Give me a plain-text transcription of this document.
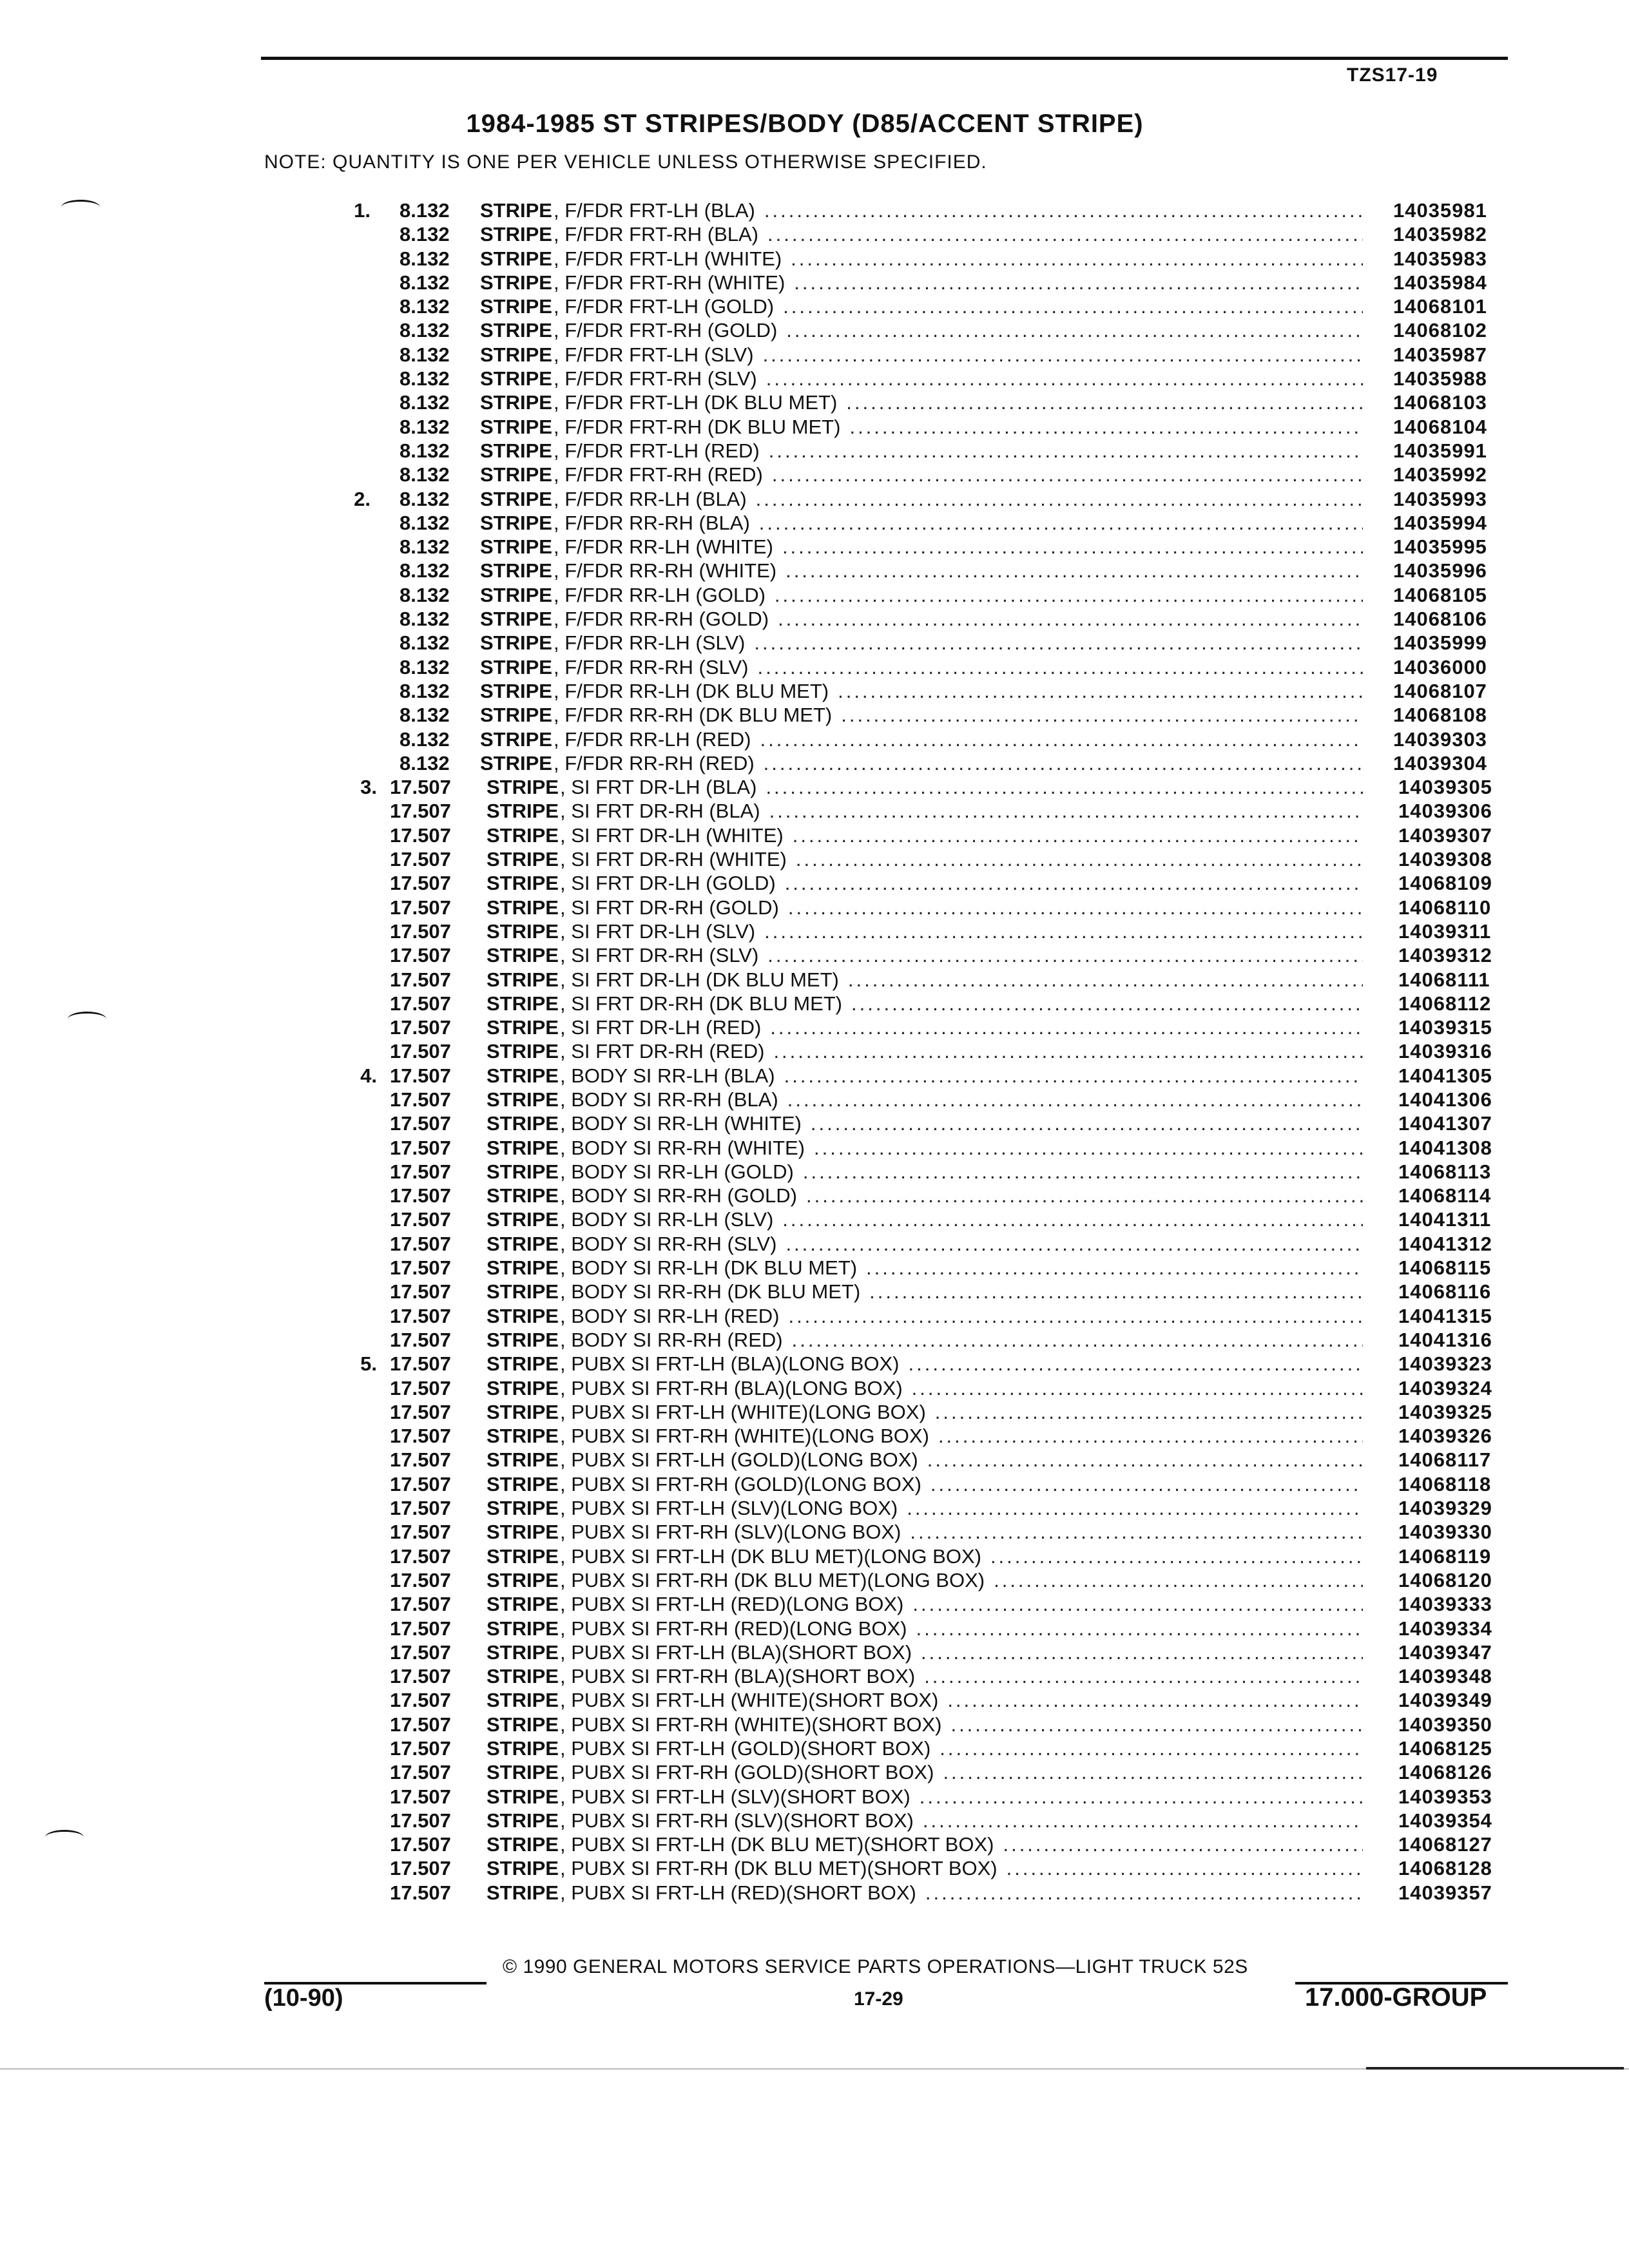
TZS17-19
1984-1985 ST STRIPES/BODY (D85/ACCENT STRIPE)
NOTE: QUANTITY IS ONE PER VEHICLE UNLESS OTHERWISE SPECIFIED.
1. 8.132 STRIPE , F/FDR FRT-LH (BLA) .....	14035981
8.132 STRIPE , F/FDR FRT-RH (BLA) .....	14035982
8.132 STRIPE , F/FDR FRT-LH (WHITE) .....	14035983
8.132 STRIPE , F/FDR FRT-RH (WHITE) .....	14035984
8.132 STRIPE , F/FDR FRT-LH (GOLD) .....	14068101
8.132 STRIPE , F/FDR FRT-RH (GOLD) .....	14068102
8.132 STRIPE , F/FDR FRT-LH (SLV) .....	14035987
8.132 STRIPE , F/FDR FRT-RH (SLV) .....	14035988
8.132 STRIPE , F/FDR FRT-LH (DK BLU MET) .....	14068103
8.132 STRIPE , F/FDR FRT-RH (DK BLU MET) .....	14068104
8.132 STRIPE , F/FDR FRT-LH (RED) .....	14035991
8.132 STRIPE , F/FDR FRT-RH (RED) .....	14035992
2. 8.132 STRIPE , F/FDR RR-LH (BLA) .....	14035993
8.132 STRIPE , F/FDR RR-RH (BLA) .....	14035994
8.132 STRIPE , F/FDR RR-LH (WHITE) .....	14035995
8.132 STRIPE , F/FDR RR-RH (WHITE) .....	14035996
8.132 STRIPE , F/FDR RR-LH (GOLD) .....	14068105
8.132 STRIPE , F/FDR RR-RH (GOLD) .....	14068106
8.132 STRIPE , F/FDR RR-LH (SLV) .....	14035999
8.132 STRIPE , F/FDR RR-RH (SLV) .....	14036000
8.132 STRIPE , F/FDR RR-LH (DK BLU MET) .....	14068107
8.132 STRIPE , F/FDR RR-RH (DK BLU MET) .....	14068108
8.132 STRIPE , F/FDR RR-LH (RED) .....	14039303
8.132 STRIPE , F/FDR RR-RH (RED) .....	14039304
3. 17.507 STRIPE , SI FRT DR-LH (BLA) .....	14039305
17.507 STRIPE , SI FRT DR-RH (BLA) .....	14039306
17.507 STRIPE , SI FRT DR-LH (WHITE) .....	14039307
17.507 STRIPE , SI FRT DR-RH (WHITE) .....	14039308
17.507 STRIPE , SI FRT DR-LH (GOLD) .....	14068109
17.507 STRIPE , SI FRT DR-RH (GOLD) .....	14068110
17.507 STRIPE , SI FRT DR-LH (SLV) .....	14039311
17.507 STRIPE , SI FRT DR-RH (SLV) .....	14039312
17.507 STRIPE , SI FRT DR-LH (DK BLU MET) .....	14068111
17.507 STRIPE , SI FRT DR-RH (DK BLU MET) .....	14068112
17.507 STRIPE , SI FRT DR-LH (RED) .....	14039315
17.507 STRIPE , SI FRT DR-RH (RED) .....	14039316
4. 17.507 STRIPE , BODY SI RR-LH (BLA) .....	14041305
17.507 STRIPE , BODY SI RR-RH (BLA) .....	14041306
17.507 STRIPE , BODY SI RR-LH (WHITE) .....	14041307
17.507 STRIPE , BODY SI RR-RH (WHITE) .....	14041308
17.507 STRIPE , BODY SI RR-LH (GOLD) .....	14068113
17.507 STRIPE , BODY SI RR-RH (GOLD) .....	14068114
17.507 STRIPE , BODY SI RR-LH (SLV) .....	14041311
17.507 STRIPE , BODY SI RR-RH (SLV) .....	14041312
17.507 STRIPE , BODY SI RR-LH (DK BLU MET) .....	14068115
17.507 STRIPE , BODY SI RR-RH (DK BLU MET) .....	14068116
17.507 STRIPE , BODY SI RR-LH (RED) .....	14041315
17.507 STRIPE , BODY SI RR-RH (RED) .....	14041316
5. 17.507 STRIPE , PUBX SI FRT-LH (BLA)(LONG BOX) .....	14039323
17.507 STRIPE , PUBX SI FRT-RH (BLA)(LONG BOX) .....	14039324
17.507 STRIPE , PUBX SI FRT-LH (WHITE)(LONG BOX) .....	14039325
17.507 STRIPE , PUBX SI FRT-RH (WHITE)(LONG BOX) .....	14039326
17.507 STRIPE , PUBX SI FRT-LH (GOLD)(LONG BOX) .....	14068117
17.507 STRIPE , PUBX SI FRT-RH (GOLD)(LONG BOX) .....	14068118
17.507 STRIPE , PUBX SI FRT-LH (SLV)(LONG BOX) .....	14039329
17.507 STRIPE , PUBX SI FRT-RH (SLV)(LONG BOX) .....	14039330
17.507 STRIPE , PUBX SI FRT-LH (DK BLU MET)(LONG BOX) .....	14068119
17.507 STRIPE , PUBX SI FRT-RH (DK BLU MET)(LONG BOX) .....	14068120
17.507 STRIPE , PUBX SI FRT-LH (RED)(LONG BOX) .....	14039333
17.507 STRIPE , PUBX SI FRT-RH (RED)(LONG BOX) .....	14039334
17.507 STRIPE , PUBX SI FRT-LH (BLA)(SHORT BOX) .....	14039347
17.507 STRIPE , PUBX SI FRT-RH (BLA)(SHORT BOX) .....	14039348
17.507 STRIPE , PUBX SI FRT-LH (WHITE)(SHORT BOX) .....	14039349
17.507 STRIPE , PUBX SI FRT-RH (WHITE)(SHORT BOX) .....	14039350
17.507 STRIPE , PUBX SI FRT-LH (GOLD)(SHORT BOX) .....	14068125
17.507 STRIPE , PUBX SI FRT-RH (GOLD)(SHORT BOX) .....	14068126
17.507 STRIPE , PUBX SI FRT-LH (SLV)(SHORT BOX) .....	14039353
17.507 STRIPE , PUBX SI FRT-RH (SLV)(SHORT BOX) .....	14039354
17.507 STRIPE , PUBX SI FRT-LH (DK BLU MET)(SHORT BOX) .....	14068127
17.507 STRIPE , PUBX SI FRT-RH (DK BLU MET)(SHORT BOX) .....	14068128
17.507 STRIPE , PUBX SI FRT-LH (RED)(SHORT BOX) .....	14039357
© 1990 GENERAL MOTORS SERVICE PARTS OPERATIONS—LIGHT TRUCK 52S
(10-90)	17-29	17.000-GROUP
